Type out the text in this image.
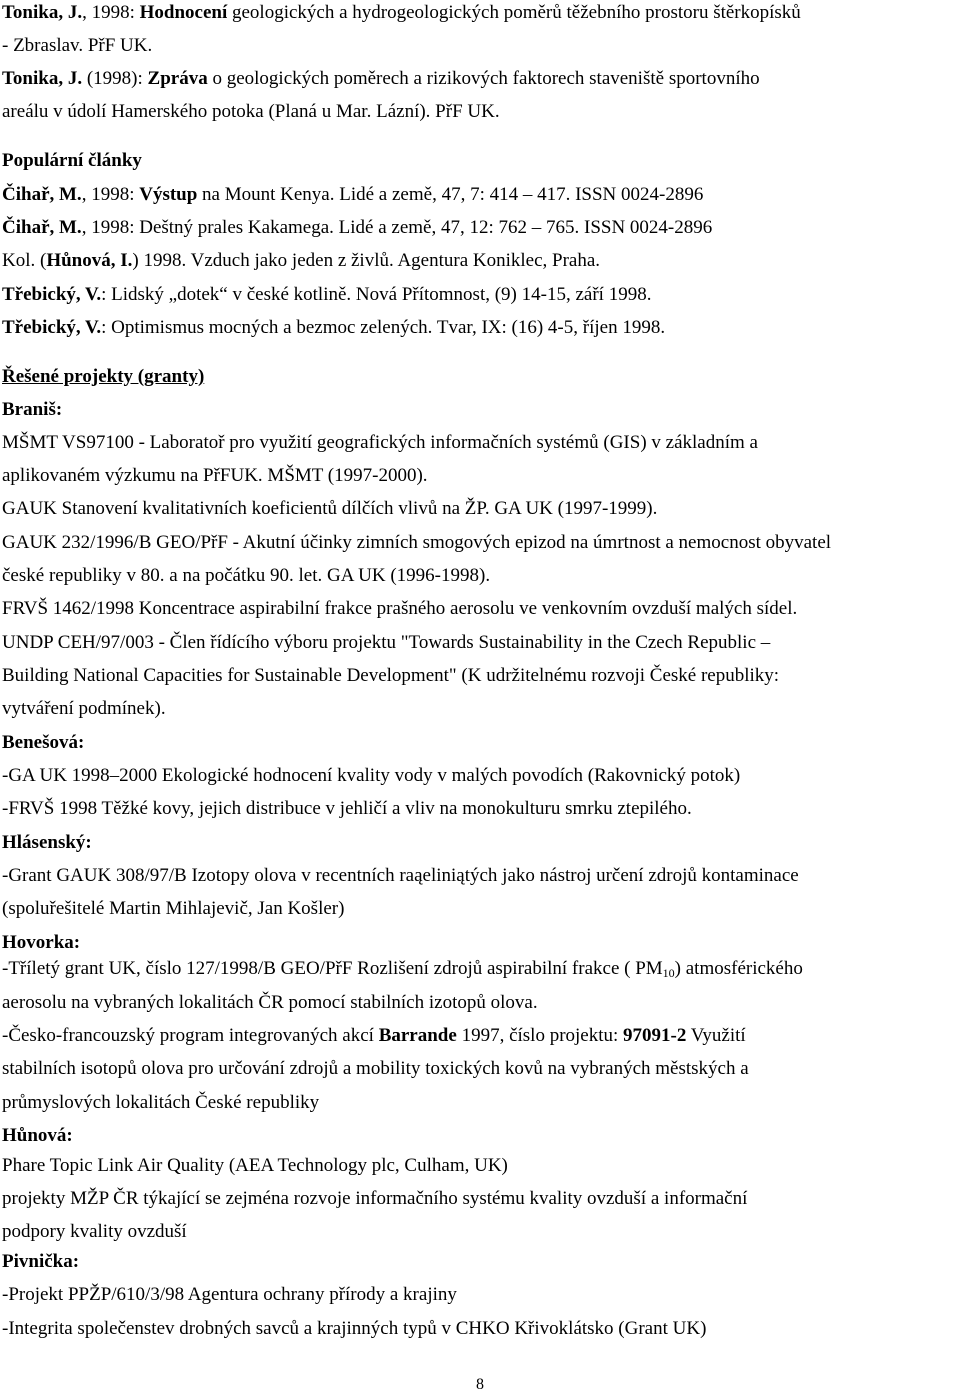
Tonika, J., 1998: Hodnocení geologických a hydrogeologických poměrů těžebního prostoru štěrkopísků
- Zbraslav. PřF UK.
Tonika, J. (1998): Zpráva o geologických poměrech a rizikových faktorech staveniště sportovního
areálu v údolí Hamerského potoka (Planá u Mar. Lázní). PřF UK.
Populární články
Čihař, M., 1998: Výstup na Mount Kenya. Lidé a země, 47, 7: 414 – 417. ISSN 0024-2896
Čihař, M., 1998: Deštný prales Kakamega. Lidé a země, 47, 12: 762 – 765. ISSN 0024-2896
Kol. (Hůnová, I.) 1998. Vzduch jako jeden z živlů. Agentura Koniklec, Praha.
Třebický, V.: Lidský „dotek“ v české kotlině. Nová Přítomnost, (9) 14-15, září 1998.
Třebický, V.: Optimismus mocných a bezmoc zelených. Tvar, IX: (16) 4-5, říjen 1998.
Řešené projekty (granty)
Braniš:
MŠMT VS97100 - Laboratoř pro využití geografických informačních systémů (GIS) v základním a
aplikovaném výzkumu na PřFUK. MŠMT (1997-2000).
GAUK Stanovení kvalitativních koeficientů dílčích vlivů na ŽP. GA UK (1997-1999).
GAUK 232/1996/B GEO/PřF - Akutní účinky zimních smogových epizod na úmrtnost a nemocnost obyvatel
české republiky v 80. a na počátku 90. let. GA UK (1996-1998).
FRVŠ 1462/1998 Koncentrace aspirabilní frakce prašného aerosolu ve venkovním ovzduší malých sídel.
UNDP CEH/97/003 - Člen řídícího výboru projektu "Towards Sustainability in the Czech Republic –
Building National Capacities for Sustainable Development" (K udržitelnému rozvoji České republiky:
vytváření podmínek).
Benešová:
-GA UK 1998–2000 Ekologické hodnocení kvality vody v malých povodích (Rakovnický potok)
-FRVŠ 1998 Těžké kovy, jejich distribuce v jehličí a vliv na monokulturu smrku ztepilého.
Hlásenský:
-Grant GAUK 308/97/B Izotopy olova v recentních raąeliniątých jako nástroj určení zdrojů kontaminace
(spoluřešitelé Martin Mihlajevič, Jan Košler)
Hovorka:
-Tříletý grant UK, číslo 127/1998/B GEO/PřF Rozlišení zdrojů aspirabilní frakce ( $PM_{10}$) atmosférického
aerosolu na vybraných lokalitách ČR pomocí stabilních izotopů olova.
-Česko-francouzský program integrovaných akcí Barrande 1997, číslo projektu: 97091-2 Využití
stabilních isotopů olova pro určování zdrojů a mobility toxických kovů na vybraných městských a
průmyslových lokalitách České republiky
Hůnová:
Phare Topic Link Air Quality (AEA Technology plc, Culham, UK)
projekty MŽP ČR týkající se zejména rozvoje informačního systému kvality ovzduší a informační
podpory kvality ovzduší
Pivnička:
-Projekt PPŽP/610/3/98 Agentura ochrany přírody a krajiny
-Integrita společenstev drobných savců a krajinných typů v CHKO Křivoklátsko (Grant UK)
8
